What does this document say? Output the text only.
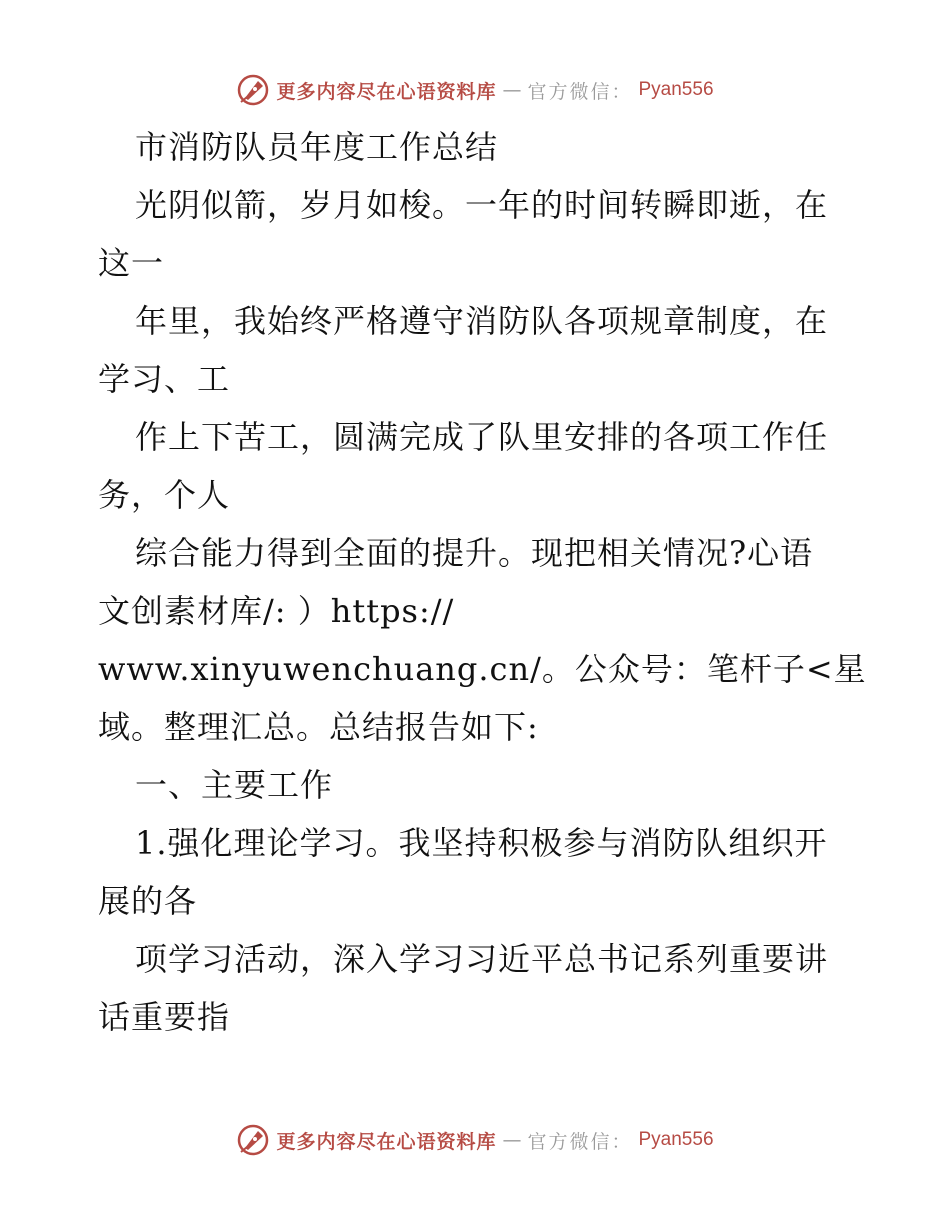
更多内容尽在心语资料库 — 官方微信： Pyan556
市消防队员年度工作总结
光阴似箭，岁月如梭。一年的时间转瞬即逝，在
这一
年里，我始终严格遵守消防队各项规章制度，在
学习、工
作上下苦工，圆满完成了队里安排的各项工作任
务，个人
综合能力得到全面的提升。现把相关情况?心语
文创素材库/: ）https://
www.xinyuwenchuang.cn/。公众号：笔杆子<星
域。整理汇总。总结报告如下:
一、主要工作
1.强化理论学习。我坚持积极参与消防队组织开
展的各
项学习活动，深入学习习近平总书记系列重要讲
话重要指
更多内容尽在心语资料库 — 官方微信： Pyan556
